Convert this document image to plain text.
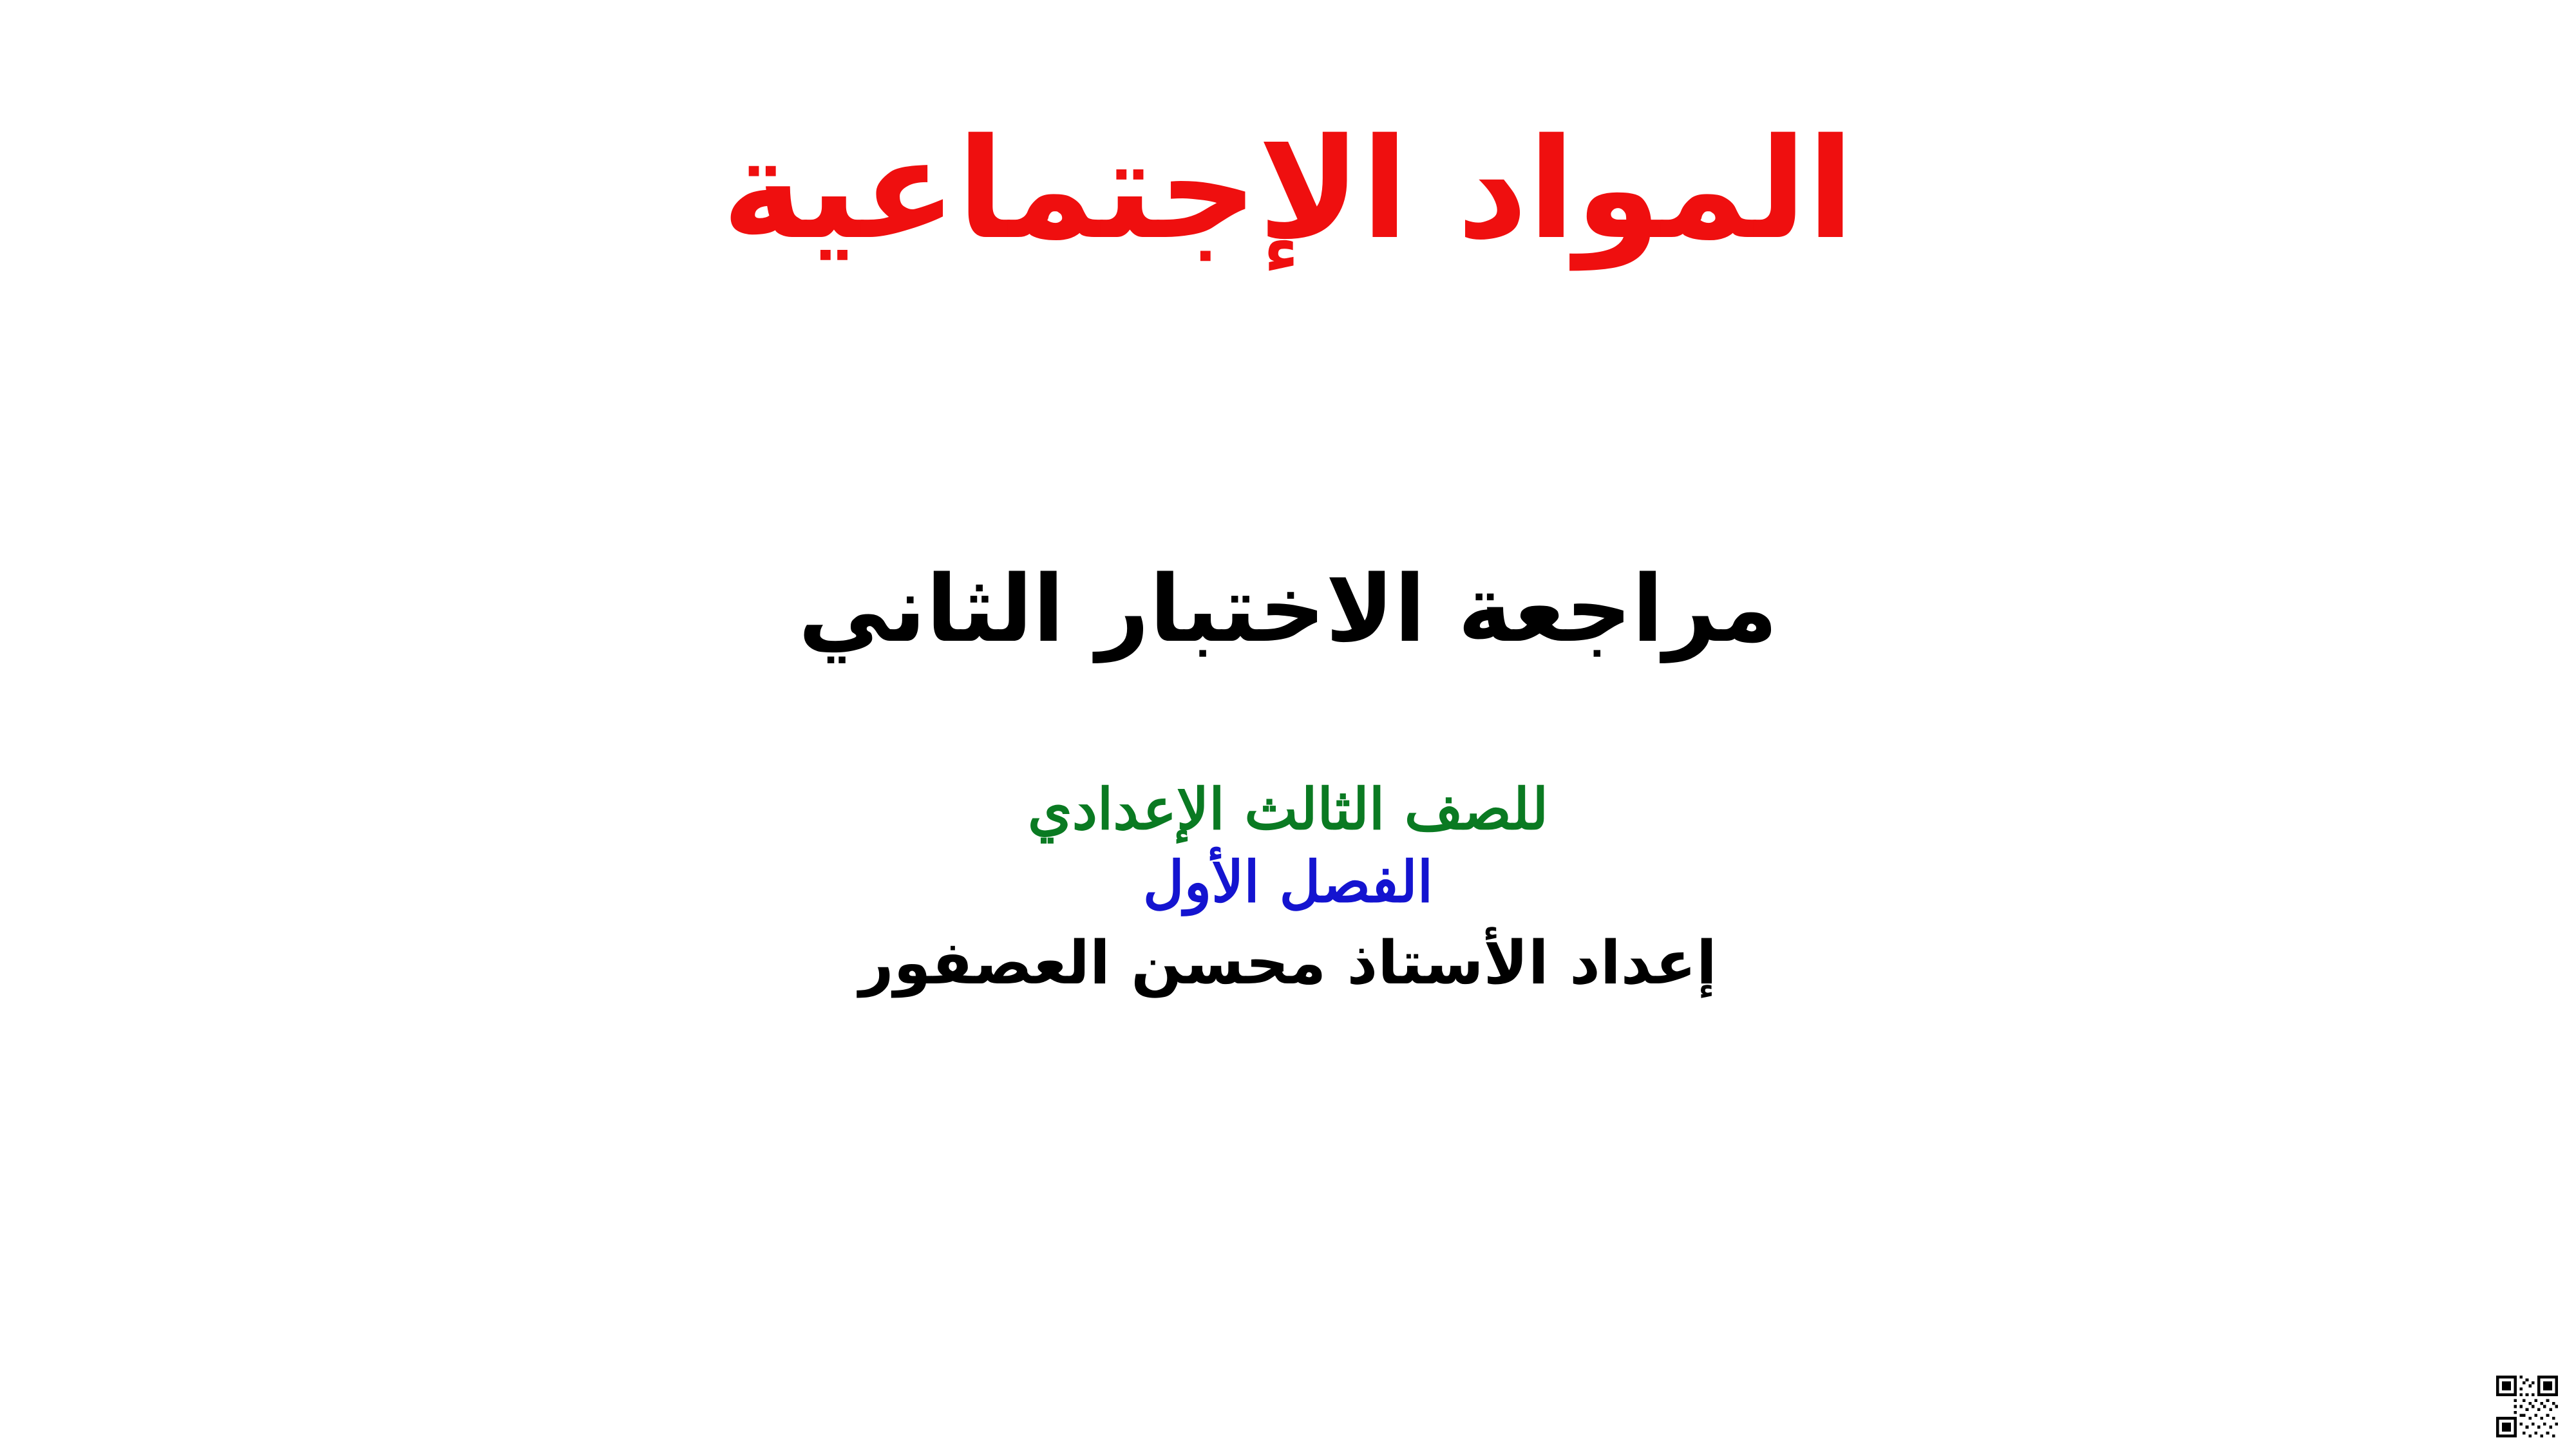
المواد الإجتماعية
مراجعة الاختبار الثاني
للصف الثالث الإعدادي
الفصل الأول
إعداد الأستاذ محسن العصفور
